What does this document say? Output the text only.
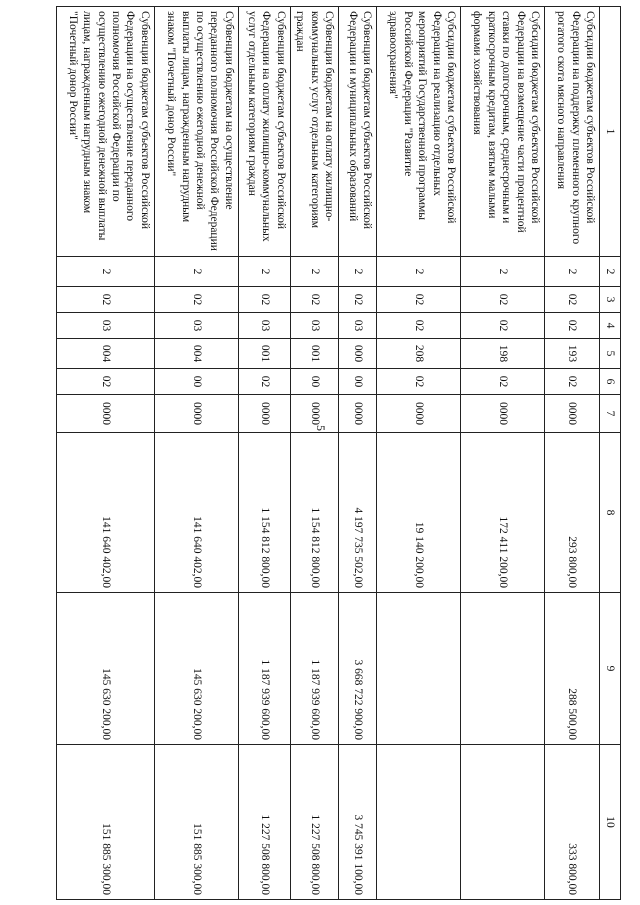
5
1	2	3	4	5	6	7	8	9	10
Субсидии бюджетам субъектов Российской Федерации на поддержку племенного крупного рогатого скота мясного направления	2	02	02	193	02	0000	293 800,00	288 500,00	333 800,00
Субсидии бюджетам субъектов Российской Федерации на возмещение части процентной ставки по долгосрочным, среднесрочным и краткосрочным кредитам, взятым малыми формами хозяйствования	2	02	02	198	02	0000	172 411 200,00		
Субсидии бюджетам субъектов Российской Федерации на реализацию отдельных мероприятий Государственной программы Российской Федерации "Развитие здравоохранения"	2	02	02	208	02	0000	19 140 200,00		
Субвенции бюджетам субъектов Российской Федерации и муниципальных образований	2	02	03	000	00	0000	4 197 735 502,00	3 668 722 900,00	3 745 391 100,00
Субвенции бюджетам на оплату жилищно-коммунальных услуг отдельным категориям граждан	2	02	03	001	00	0000	1 154 812 800,00	1 187 939 600,00	1 227 508 800,00
Субвенции бюджетам субъектов Российской Федерации на оплату жилищно-коммунальных услуг отдельным категориям граждан	2	02	03	001	02	0000	1 154 812 800,00	1 187 939 600,00	1 227 508 800,00
Субвенции бюджетам на осуществление переданного полномочия Российской Федерации по осуществлению ежегодной денежной выплаты лицам, награжденным нагрудным знаком "Почетный донор России"	2	02	03	004	00	0000	141 640 402,00	145 630 200,00	151 885 300,00
Субвенции бюджетам субъектов Российской Федерации на осуществление переданного полномочия Российской Федерации по осуществлению ежегодной денежной выплаты лицам, награжденным нагрудным знаком "Почетный донор России"	2	02	03	004	02	0000	141 640 402,00	145 630 200,00	151 885 300,00
